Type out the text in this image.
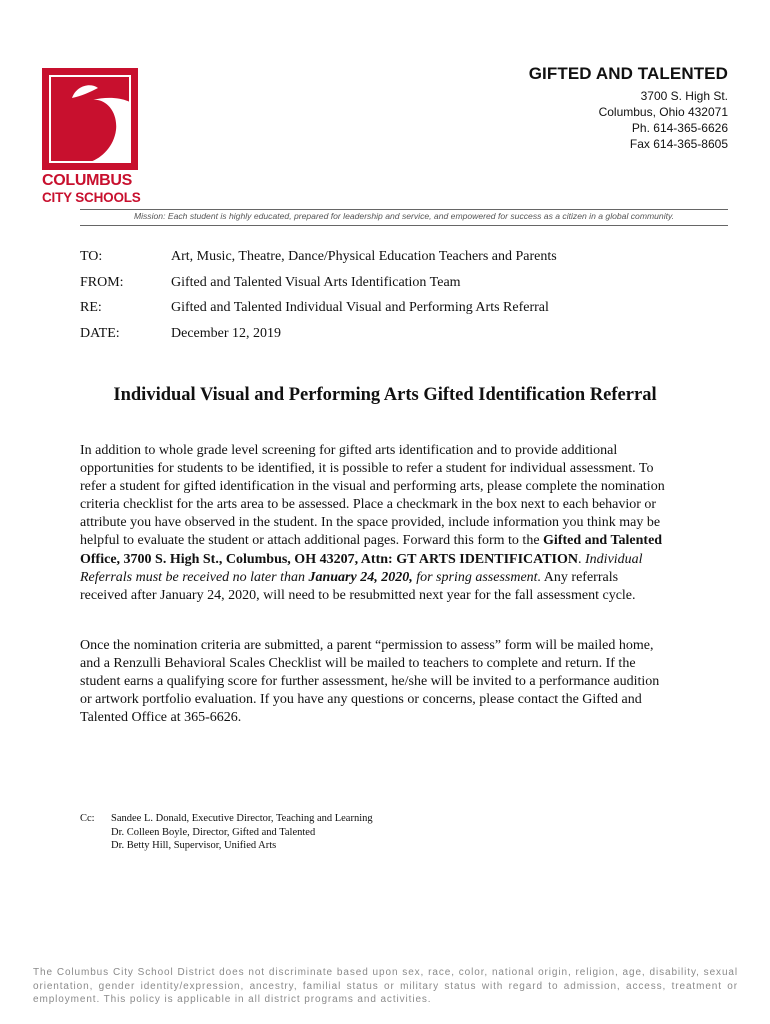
COLUMBUS
CITY SCHOOLS
GIFTED AND TALENTED
3700 S. High St.
Columbus, Ohio 432071
Ph. 614-365-6626
Fax 614-365-8605
Mission: Each student is highly educated, prepared for leadership and service, and empowered for success as a citizen in a global community.
TO:	Art, Music, Theatre, Dance/Physical Education Teachers and Parents
FROM:	Gifted and Talented Visual Arts Identification Team
RE:	Gifted and Talented Individual Visual and Performing Arts Referral
DATE:	December 12, 2019
Individual Visual and Performing Arts Gifted Identification Referral
In addition to whole grade level screening for gifted arts identification and to provide additional opportunities for students to be identified, it is possible to refer a student for individual assessment. To refer a student for gifted identification in the visual and performing arts, please complete the nomination criteria checklist for the arts area to be assessed. Place a checkmark in the box next to each behavior or attribute you have observed in the student. In the space provided, include information you think may be helpful to evaluate the student or attach additional pages. Forward this form to the Gifted and Talented Office, 3700 S. High St., Columbus, OH 43207, Attn: GT ARTS IDENTIFICATION. Individual Referrals must be received no later than January 24, 2020, for spring assessment. Any referrals received after January 24, 2020, will need to be resubmitted next year for the fall assessment cycle.
Once the nomination criteria are submitted, a parent “permission to assess” form will be mailed home, and a Renzulli Behavioral Scales Checklist will be mailed to teachers to complete and return. If the student earns a qualifying score for further assessment, he/she will be invited to a performance audition or artwork portfolio evaluation. If you have any questions or concerns, please contact the Gifted and Talented Office at 365-6626.
Cc: Sandee L. Donald, Executive Director, Teaching and Learning
Dr. Colleen Boyle, Director, Gifted and Talented
Dr. Betty Hill, Supervisor, Unified Arts
The Columbus City School District does not discriminate based upon sex, race, color, national origin, religion, age, disability, sexual orientation, gender identity/expression, ancestry, familial status or military status with regard to admission, access, treatment or employment. This policy is applicable in all district programs and activities.
